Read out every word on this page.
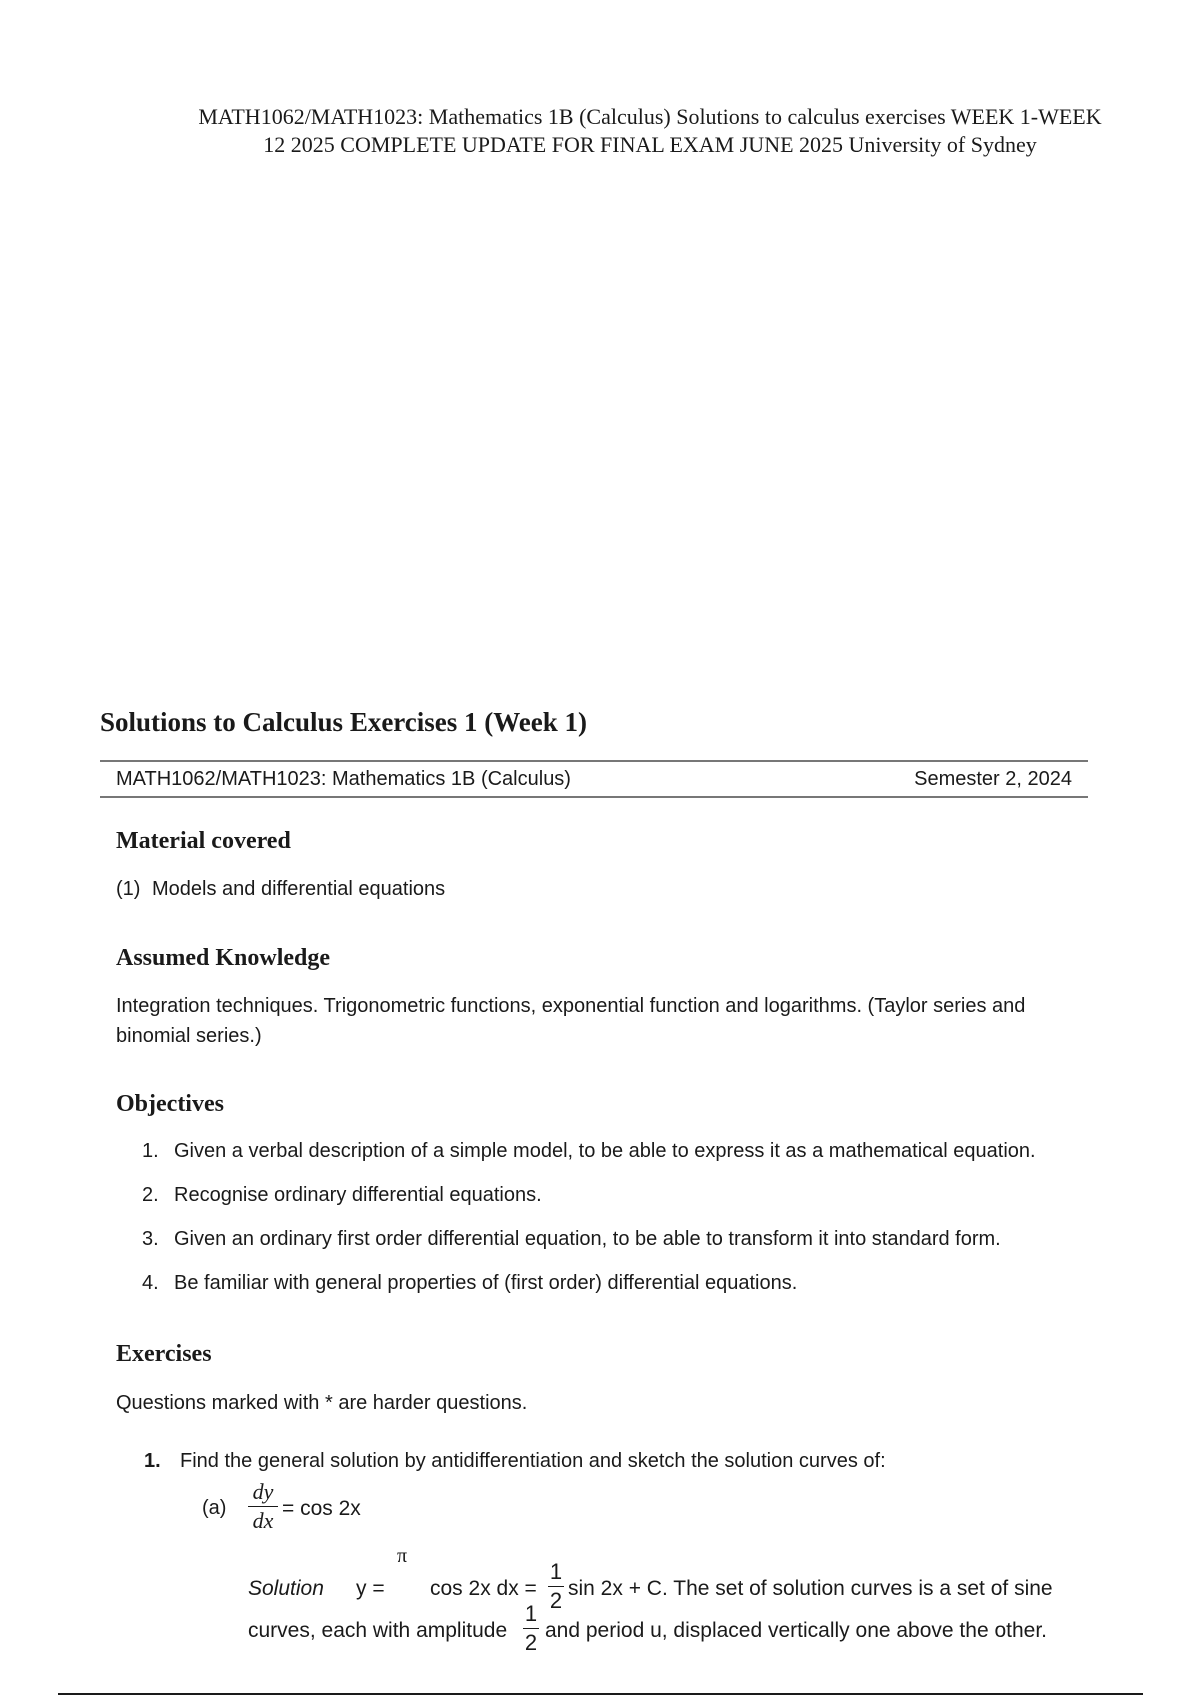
MATH1062/MATH1023: Mathematics 1B (Calculus) Solutions to calculus exercises WEEK 1-WEEK 12 2025 COMPLETE UPDATE FOR FINAL EXAM JUNE 2025 University of Sydney
Solutions to Calculus Exercises 1 (Week 1)
MATH1062/MATH1023: Mathematics 1B (Calculus)	Semester 2, 2024
Material covered
(1) Models and differential equations
Assumed Knowledge
Integration techniques. Trigonometric functions, exponential function and logarithms. (Taylor series and binomial series.)
Objectives
1. Given a verbal description of a simple model, to be able to express it as a mathematical equation.
2. Recognise ordinary differential equations.
3. Given an ordinary first order differential equation, to be able to transform it into standard form.
4. Be familiar with general properties of (first order) differential equations.
Exercises
Questions marked with * are harder questions.
1. Find the general solution by antidifferentiation and sketch the solution curves of:
(a)
dy
dx = cos 2x
π
Solution y = cos 2x dx =
1
2 sin 2x + C. The set of solution curves is a set of sine
curves, each with amplitude
1
2 and period u, displaced vertically one above the other.
